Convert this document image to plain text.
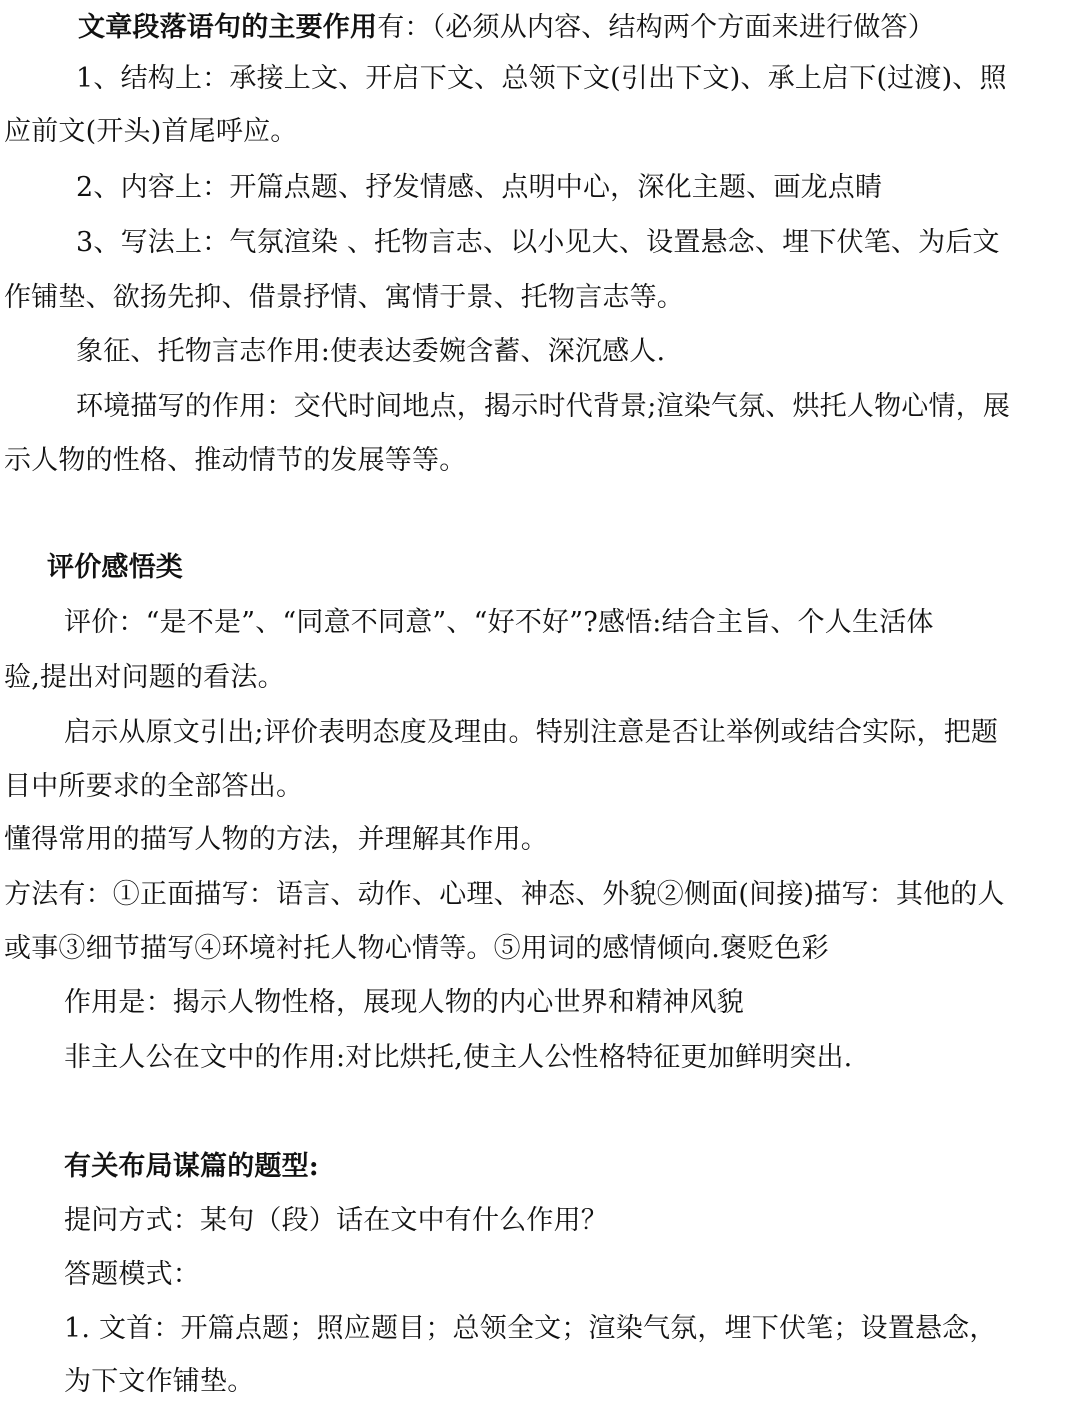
文章段落语句的主要作用有：（必须从内容、结构两个方面来进行做答）
1、结构上：承接上文、开启下文、总领下文(引出下文)、承上启下(过渡)、照
应前文(开头)首尾呼应。
2、内容上：开篇点题、抒发情感、点明中心，深化主题、画龙点睛
3、写法上：气氛渲染 、托物言志、以小见大、设置悬念、埋下伏笔、为后文
作铺垫、欲扬先抑、借景抒情、寓情于景、托物言志等。
象征、托物言志作用:使表达委婉含蓄、深沉感人.
环境描写的作用：交代时间地点，揭示时代背景;渲染气氛、烘托人物心情，展
示人物的性格、推动情节的发展等等。
评价感悟类
评价：“是不是”、“同意不同意”、“好不好”?感悟:结合主旨、个人生活体
验,提出对问题的看法。
启示从原文引出;评价表明态度及理由。特别注意是否让举例或结合实际，把题
目中所要求的全部答出。
懂得常用的描写人物的方法，并理解其作用。
方法有：①正面描写：语言、动作、心理、神态、外貌②侧面(间接)描写：其他的人
或事③细节描写④环境衬托人物心情等。⑤用词的感情倾向.褒贬色彩
作用是：揭示人物性格，展现人物的内心世界和精神风貌
非主人公在文中的作用:对比烘托,使主人公性格特征更加鲜明突出.
有关布局谋篇的题型:
提问方式：某句（段）话在文中有什么作用？
答题模式：
1. 文首：开篇点题；照应题目；总领全文；渲染气氛，埋下伏笔；设置悬念，
为下文作铺垫。
